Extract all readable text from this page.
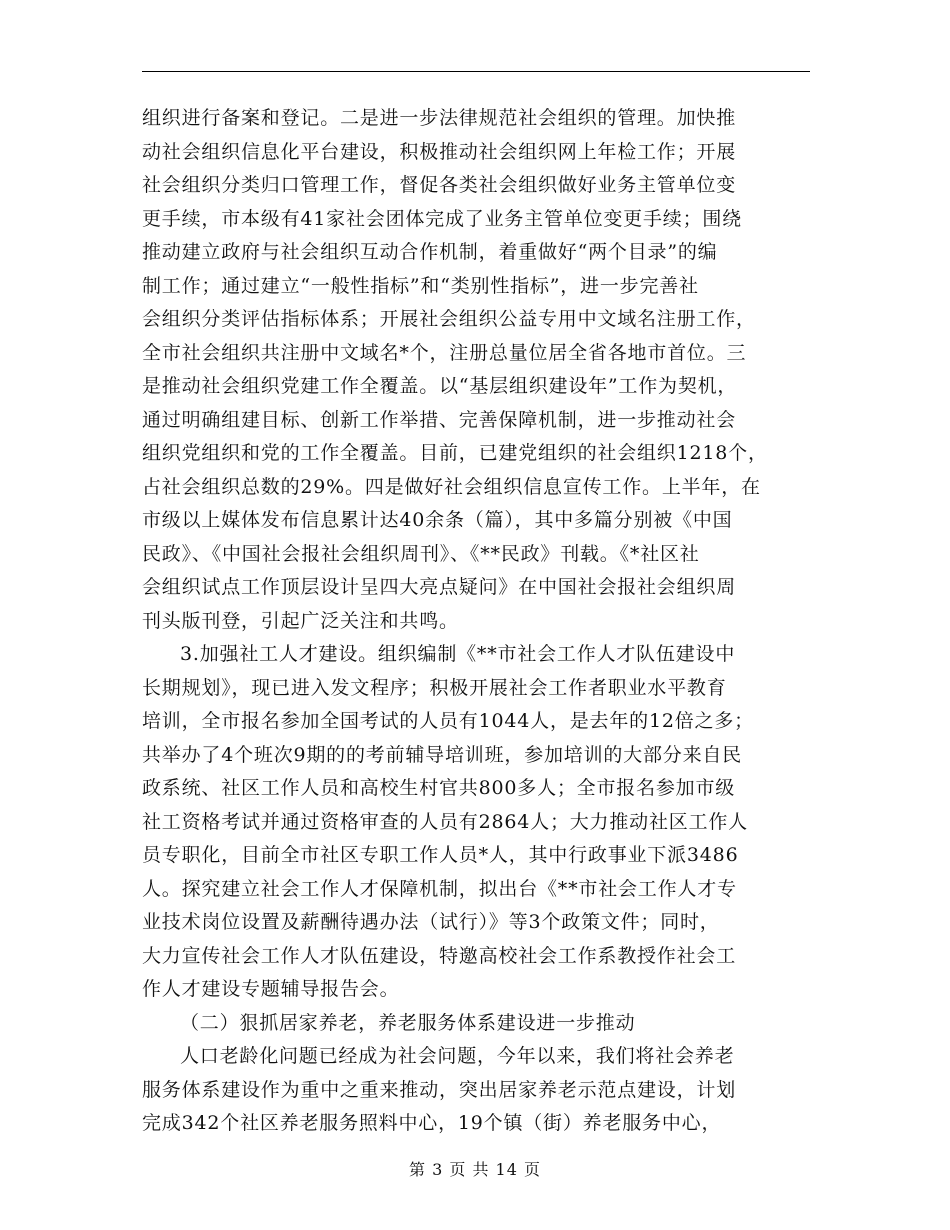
组织进行备案和登记。二是进一步法律规范社会组织的管理。加快推
动社会组织信息化平台建设，积极推动社会组织网上年检工作；开展
社会组织分类归口管理工作，督促各类社会组织做好业务主管单位变
更手续，市本级有41家社会团体完成了业务主管单位变更手续；围绕
推动建立政府与社会组织互动合作机制，着重做好“两个目录”的编
制工作；通过建立“一般性指标”和“类别性指标”，进一步完善社
会组织分类评估指标体系；开展社会组织公益专用中文域名注册工作，
全市社会组织共注册中文域名*个，注册总量位居全省各地市首位。三
是推动社会组织党建工作全覆盖。以“基层组织建设年”工作为契机，
通过明确组建目标、创新工作举措、完善保障机制，进一步推动社会
组织党组织和党的工作全覆盖。目前，已建党组织的社会组织1218个，
占社会组织总数的29%。四是做好社会组织信息宣传工作。上半年，在
市级以上媒体发布信息累计达40余条（篇），其中多篇分别被《中国
民政》、《中国社会报社会组织周刊》、《**民政》刊载。《*社区社
会组织试点工作顶层设计呈四大亮点疑问》在中国社会报社会组织周
刊头版刊登，引起广泛关注和共鸣。
3.加强社工人才建设。组织编制《**市社会工作人才队伍建设中
长期规划》，现已进入发文程序；积极开展社会工作者职业水平教育
培训，全市报名参加全国考试的人员有1044人，是去年的12倍之多；
共举办了4个班次9期的的考前辅导培训班，参加培训的大部分来自民
政系统、社区工作人员和高校生村官共800多人；全市报名参加市级
社工资格考试并通过资格审查的人员有2864人；大力推动社区工作人
员专职化，目前全市社区专职工作人员*人，其中行政事业下派3486
人。探究建立社会工作人才保障机制，拟出台《**市社会工作人才专
业技术岗位设置及薪酬待遇办法（试行）》等3个政策文件；同时，
大力宣传社会工作人才队伍建设，特邀高校社会工作系教授作社会工
作人才建设专题辅导报告会。
（二）狠抓居家养老，养老服务体系建设进一步推动
人口老龄化问题已经成为社会问题，今年以来，我们将社会养老
服务体系建设作为重中之重来推动，突出居家养老示范点建设，计划
完成342个社区养老服务照料中心，19个镇（街）养老服务中心，
第 3 页 共 14 页
